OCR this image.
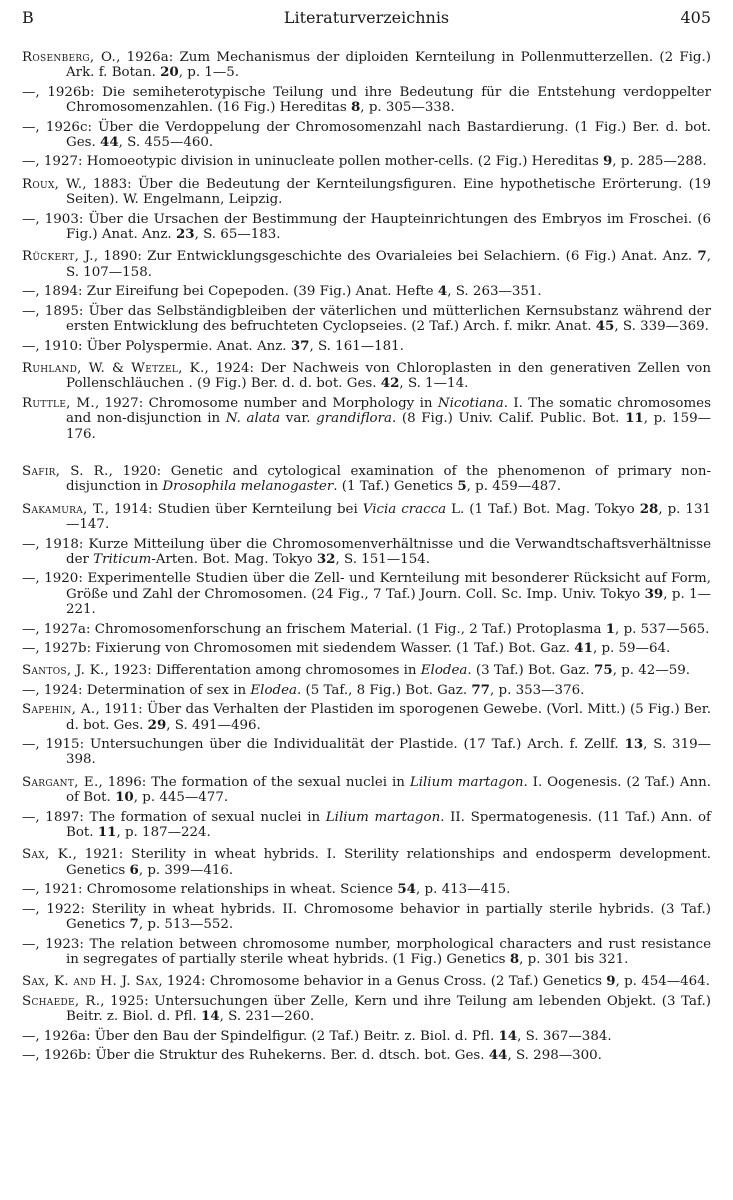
B	Literaturverzeichnis	405

Rosenberg, O., 1926a: Zum Mechanismus der diploiden Kernteilung in Pollenmutterzellen. (2 Fig.) Ark. f. Botan. 20, p. 1—5.

—, 1926b: Die semiheterotypische Teilung und ihre Bedeutung für die Entstehung verdoppelter Chromosomenzahlen. (16 Fig.) Hereditas 8, p. 305—338.

—, 1926c: Über die Verdoppelung der Chromosomenzahl nach Bastardierung. (1 Fig.) Ber. d. bot. Ges. 44, S. 455—460.

—, 1927: Homoeotypic division in uninucleate pollen mother-cells. (2 Fig.) Hereditas 9, p. 285—288.

Roux, W., 1883: Über die Bedeutung der Kernteilungsfiguren. Eine hypothetische Erörterung. (19 Seiten). W. Engelmann, Leipzig.

—, 1903: Über die Ursachen der Bestimmung der Haupteinrichtungen des Embryos im Froschei. (6 Fig.) Anat. Anz. 23, S. 65—183.

Rückert, J., 1890: Zur Entwicklungsgeschichte des Ovarialeies bei Selachiern. (6 Fig.) Anat. Anz. 7, S. 107—158.

—, 1894: Zur Eireifung bei Copepoden. (39 Fig.) Anat. Hefte 4, S. 263—351.

—, 1895: Über das Selbständigbleiben der väterlichen und mütterlichen Kernsubstanz während der ersten Entwicklung des befruchteten Cyclopseies. (2 Taf.) Arch. f. mikr. Anat. 45, S. 339—369.

—, 1910: Über Polyspermie. Anat. Anz. 37, S. 161—181.

Ruhland, W. & Wetzel, K., 1924: Der Nachweis von Chloroplasten in den generativen Zellen von Pollenschläuchen . (9 Fig.) Ber. d. d. bot. Ges. 42, S. 1—14.

Ruttle, M., 1927: Chromosome number and Morphology in Nicotiana. I. The somatic chromosomes and non-disjunction in N. alata var. grandiflora. (8 Fig.) Univ. Calif. Public. Bot. 11, p. 159—176.

Safir, S. R., 1920: Genetic and cytological examination of the phenomenon of primary non-disjunction in Drosophila melanogaster. (1 Taf.) Genetics 5, p. 459—487.

Sakamura, T., 1914: Studien über Kernteilung bei Vicia cracca L. (1 Taf.) Bot. Mag. Tokyo 28, p. 131—147.

—, 1918: Kurze Mitteilung über die Chromosomenverhältnisse und die Verwandtschaftsverhältnisse der Triticum-Arten. Bot. Mag. Tokyo 32, S. 151—154.

—, 1920: Experimentelle Studien über die Zell- und Kernteilung mit besonderer Rücksicht auf Form, Größe und Zahl der Chromosomen. (24 Fig., 7 Taf.) Journ. Coll. Sc. Imp. Univ. Tokyo 39, p. 1—221.

—, 1927a: Chromosomenforschung an frischem Material. (1 Fig., 2 Taf.) Protoplasma 1, p. 537—565.

—, 1927b: Fixierung von Chromosomen mit siedendem Wasser. (1 Taf.) Bot. Gaz. 41, p. 59—64.

Santos, J. K., 1923: Differentation among chromosomes in Elodea. (3 Taf.) Bot. Gaz. 75, p. 42—59.

—, 1924: Determination of sex in Elodea. (5 Taf., 8 Fig.) Bot. Gaz. 77, p. 353—376.

Sapehin, A., 1911: Über das Verhalten der Plastiden im sporogenen Gewebe. (Vorl. Mitt.) (5 Fig.) Ber. d. bot. Ges. 29, S. 491—496.

—, 1915: Untersuchungen über die Individualität der Plastide. (17 Taf.) Arch. f. Zellf. 13, S. 319—398.

Sargant, E., 1896: The formation of the sexual nuclei in Lilium martagon. I. Oogenesis. (2 Taf.) Ann. of Bot. 10, p. 445—477.

—, 1897: The formation of sexual nuclei in Lilium martagon. II. Spermatogenesis. (11 Taf.) Ann. of Bot. 11, p. 187—224.

Sax, K., 1921: Sterility in wheat hybrids. I. Sterility relationships and endosperm development. Genetics 6, p. 399—416.

—, 1921: Chromosome relationships in wheat. Science 54, p. 413—415.

—, 1922: Sterility in wheat hybrids. II. Chromosome behavior in partially sterile hybrids. (3 Taf.) Genetics 7, p. 513—552.

—, 1923: The relation between chromosome number, morphological characters and rust resistance in segregates of partially sterile wheat hybrids. (1 Fig.) Genetics 8, p. 301 bis 321.

Sax, K. and H. J. Sax, 1924: Chromosome behavior in a Genus Cross. (2 Taf.) Genetics 9, p. 454—464.

Schaede, R., 1925: Untersuchungen über Zelle, Kern und ihre Teilung am lebenden Objekt. (3 Taf.) Beitr. z. Biol. d. Pfl. 14, S. 231—260.

—, 1926a: Über den Bau der Spindelfigur. (2 Taf.) Beitr. z. Biol. d. Pfl. 14, S. 367—384.

—, 1926b: Über die Struktur des Ruhekerns. Ber. d. dtsch. bot. Ges. 44, S. 298—300.
